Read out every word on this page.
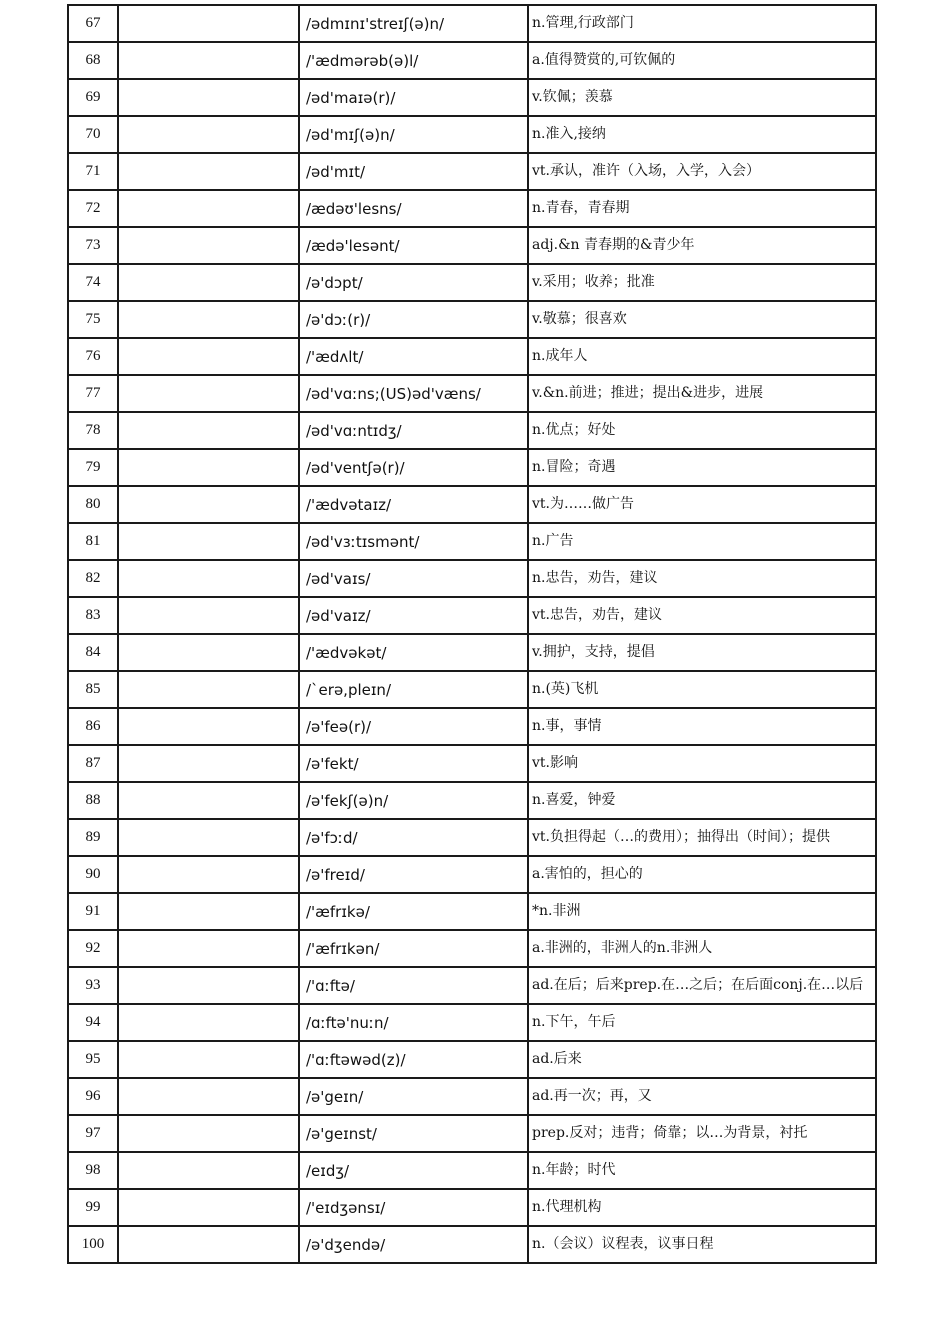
67		/ədmɪnɪ'streɪʃ(ə)n/	n.管理,行政部门
68		/'ædmərəb(ə)l/	a.值得赞赏的,可钦佩的
69		/əd'maɪə(r)/	v.钦佩；羡慕
70		/əd'mɪʃ(ə)n/	n.准入,接纳
71		/əd'mɪt/	vt.承认，准许（入场，入学，入会）
72		/ædəʊ'lesns/	n.青春，青春期
73		/ædə'lesənt/	adj.&n 青春期的&青少年
74		/ə'dɔpt/	v.采用；收养；批准
75		/ə'dɔː(r)/	v.敬慕；很喜欢
76		/'ædʌlt/	n.成年人
77		/əd'vɑːns;(US)əd'væns/	v.&n.前进；推进；提出&进步，进展
78		/əd'vɑːntɪdʒ/	n.优点；好处
79		/əd'ventʃə(r)/	n.冒险；奇遇
80		/'ædvətaɪz/	vt.为……做广告
81		/əd'vɜːtɪsmənt/	n.广告
82		/əd'vaɪs/	n.忠告，劝告，建议
83		/əd'vaɪz/	vt.忠告，劝告，建议
84		/'ædvəkət/	v.拥护，支持，提倡
85		/`erə,pleɪn/	n.(英)飞机
86		/ə'feə(r)/	n.事，事情
87		/ə'fekt/	vt.影响
88		/ə'fekʃ(ə)n/	n.喜爱，钟爱
89		/ə'fɔːd/	vt.负担得起（…的费用）；抽得出（时间）；提供
90		/ə'freɪd/	a.害怕的，担心的
91		/'æfrɪkə/	*n.非洲
92		/'æfrɪkən/	a.非洲的，非洲人的n.非洲人
93		/'ɑːftə/	ad.在后；后来prep.在…之后；在后面conj.在…以后
94		/ɑːftə'nuːn/	n.下午，午后
95		/'ɑːftəwəd(z)/	ad.后来
96		/ə'geɪn/	ad.再一次；再，又
97		/ə'geɪnst/	prep.反对；违背；倚靠；以…为背景，衬托
98		/eɪdʒ/	n.年龄；时代
99		/'eɪdʒənsɪ/	n.代理机构
100		/ə'dʒendə/	n.（会议）议程表，议事日程
